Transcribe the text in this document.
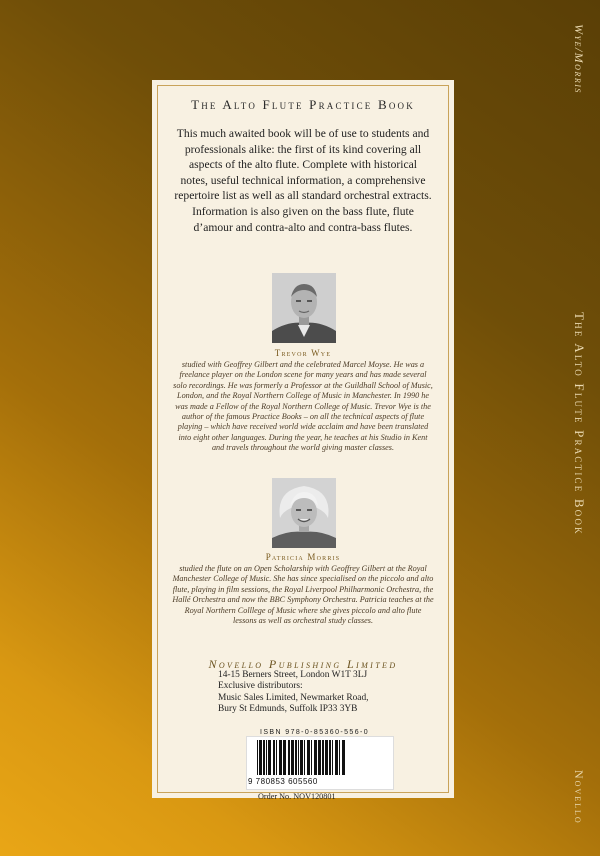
Wye/Morris
The Alto Flute Practice Book
Novello
The Alto Flute Practice Book
This much awaited book will be of use to students and professionals alike: the first of its kind covering all aspects of the alto flute. Complete with historical notes, useful technical information, a comprehensive repertoire list as well as all standard orchestral extracts. Information is also given on the bass flute, flute d’amour and contra-alto and contra-bass flutes.
Trevor Wye
studied with Geoffrey Gilbert and the celebrated Marcel Moyse. He was a freelance player on the London scene for many years and has made several solo recordings. He was formerly a Professor at the Guildhall School of Music, London, and the Royal Northern College of Music in Manchester. In 1990 he was made a Fellow of the Royal Northern College of Music. Trevor Wye is the author of the famous Practice Books – on all the technical aspects of flute playing – which have received world wide acclaim and have been translated into eight other languages. During the year, he teaches at his Studio in Kent and travels throughout the world giving master classes.
Patricia Morris
studied the flute on an Open Scholarship with Geoffrey Gilbert at the Royal Manchester College of Music. She has since specialised on the piccolo and alto flute, playing in film sessions, the Royal Liverpool Philharmonic Orchestra, the Hallé Orchestra and now the BBC Symphony Orchestra. Patricia teaches at the Royal Northern Colllege of Music where she gives piccolo and alto flute lessons as well as orchestral study classes.
Novello Publishing Limited
14-15 Berners Street, London W1T 3LJ
Exclusive distributors:
Music Sales Limited, Newmarket Road,
Bury St Edmunds, Suffolk IP33 3YB
ISBN 978-0-85360-556-0
9 780853 605560
Order No. NOV120801
